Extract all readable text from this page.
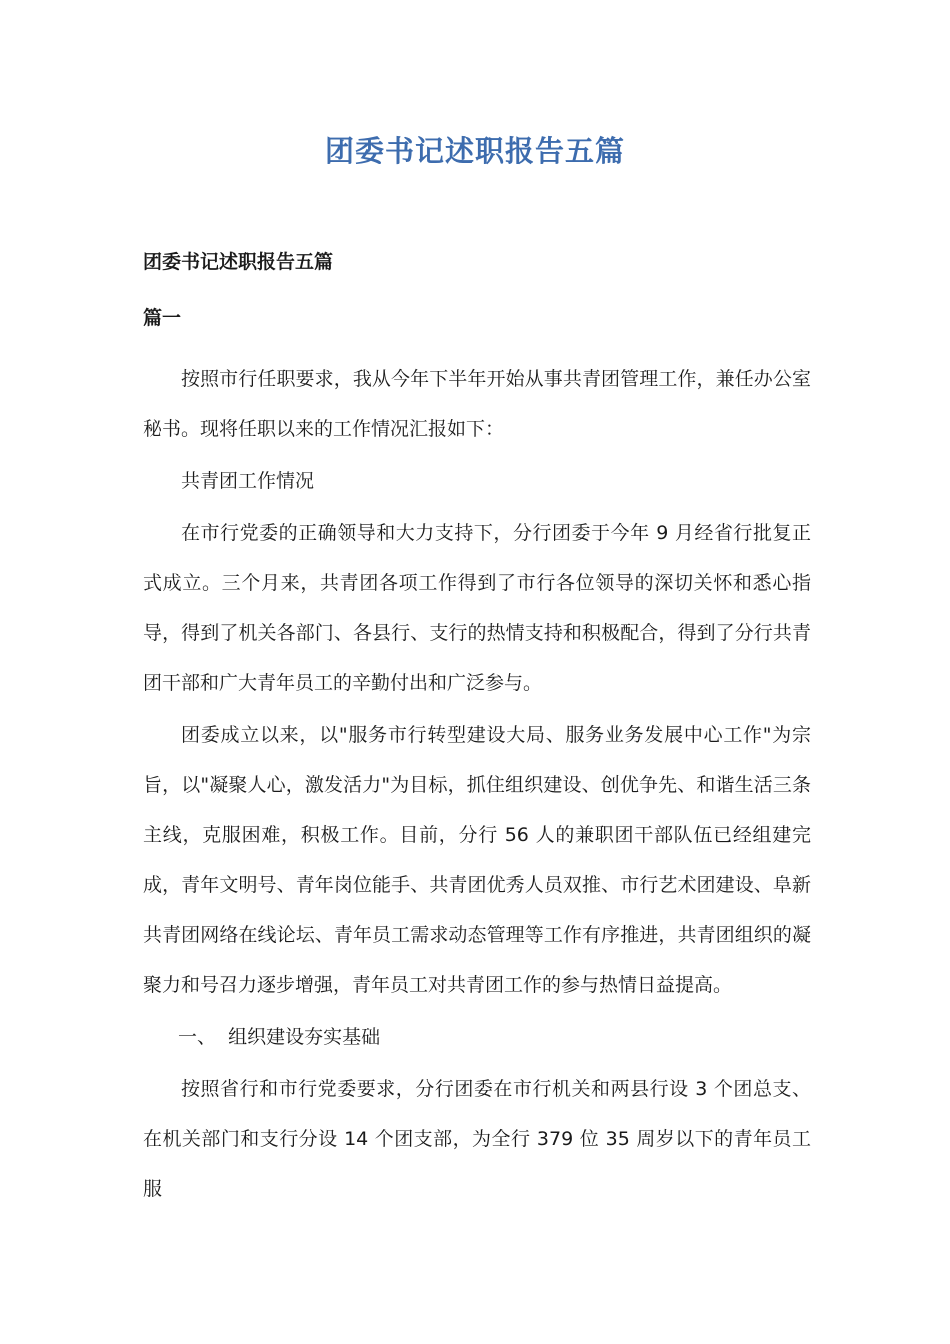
团委书记述职报告五篇
团委书记述职报告五篇
篇一

按照市行任职要求，我从今年下半年开始从事共青团管理工作，兼任办公室秘书。现将任职以来的工作情况汇报如下：

共青团工作情况

在市行党委的正确领导和大力支持下，分行团委于今年 9 月经省行批复正式成立。三个月来，共青团各项工作得到了市行各位领导的深切关怀和悉心指导，得到了机关各部门、各县行、支行的热情支持和积极配合，得到了分行共青团干部和广大青年员工的辛勤付出和广泛参与。

团委成立以来，以"服务市行转型建设大局、服务业务发展中心工作"为宗旨，以"凝聚人心，激发活力"为目标，抓住组织建设、创优争先、和谐生活三条主线，克服困难，积极工作。目前，分行 56 人的兼职团干部队伍已经组建完成，青年文明号、青年岗位能手、共青团优秀人员双推、市行艺术团建设、阜新共青团网络在线论坛、青年员工需求动态管理等工作有序推进，共青团组织的凝聚力和号召力逐步增强，青年员工对共青团工作的参与热情日益提高。

一、  组织建设夯实基础

按照省行和市行党委要求，分行团委在市行机关和两县行设 3 个团总支、在机关部门和支行分设 14 个团支部，为全行 379 位 35 周岁以下的青年员工服
